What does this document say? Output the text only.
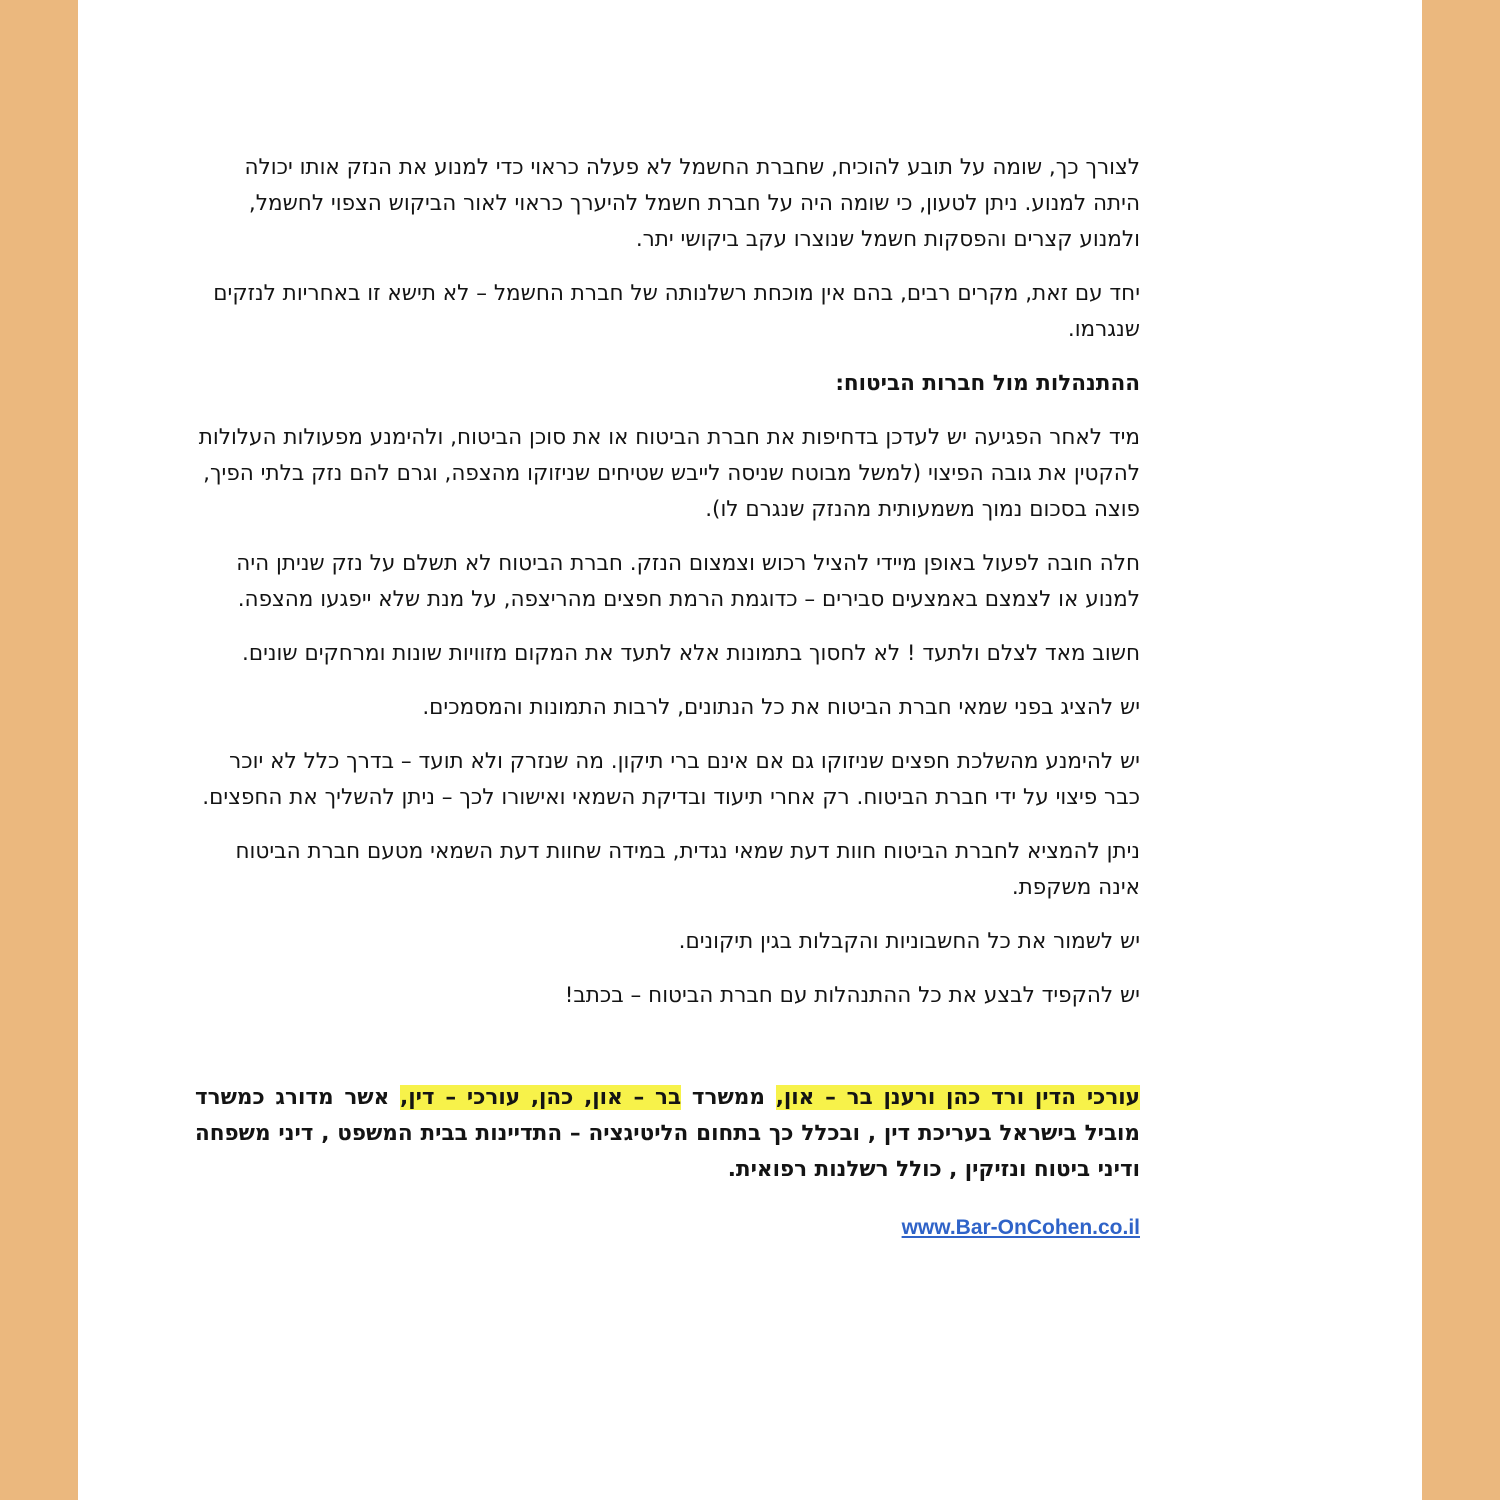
לצורך כך, שומה על תובע להוכיח, שחברת החשמל לא פעלה כראוי כדי למנוע את הנזק אותו יכולה היתה למנוע. ניתן לטעון, כי שומה היה על חברת חשמל להיערך כראוי לאור הביקוש הצפוי לחשמל, ולמנוע קצרים והפסקות חשמל שנוצרו עקב ביקושי יתר.

יחד עם זאת, מקרים רבים, בהם אין מוכחת רשלנותה של חברת החשמל – לא תישא זו באחריות לנזקים שנגרמו.

ההתנהלות מול חברות הביטוח:

מיד לאחר הפגיעה יש לעדכן בדחיפות את חברת הביטוח או את סוכן הביטוח, ולהימנע מפעולות העלולות להקטין את גובה הפיצוי (למשל מבוטח שניסה לייבש שטיחים שניזוקו מהצפה, וגרם להם נזק בלתי הפיך, פוצה בסכום נמוך משמעותית מהנזק שנגרם לו).

חלה חובה לפעול באופן מיידי להציל רכוש וצמצום הנזק. חברת הביטוח לא תשלם על נזק שניתן היה למנוע או לצמצם באמצעים סבירים – כדוגמת הרמת חפצים מהריצפה, על מנת שלא ייפגעו מהצפה.

חשוב מאד לצלם ולתעד ! לא לחסוך בתמונות אלא לתעד את המקום מזוויות שונות ומרחקים שונים.

יש להציג בפני שמאי חברת הביטוח את כל הנתונים, לרבות התמונות והמסמכים.

יש להימנע מהשלכת חפצים שניזוקו גם אם אינם ברי תיקון. מה שנזרק ולא תועד – בדרך כלל לא יוכר כבר פיצוי על ידי חברת הביטוח. רק אחרי תיעוד ובדיקת השמאי ואישורו לכך – ניתן להשליך את החפצים.

ניתן להמציא לחברת הביטוח חוות דעת שמאי נגדית, במידה שחוות דעת השמאי מטעם חברת הביטוח אינה משקפת.

יש לשמור את כל החשבוניות והקבלות בגין תיקונים.

יש להקפיד לבצע את כל ההתנהלות עם חברת הביטוח – בכתב!

עורכי הדין ורד כהן ורענן בר – און, ממשרד בר – און, כהן, עורכי – דין, אשר מדורג כמשרד מוביל בישראל בעריכת דין , ובכלל כך בתחום הליטיגציה – התדיינות בבית המשפט , דיני משפחה ודיני ביטוח ונזיקין , כולל רשלנות רפואית.

www.Bar-OnCohen.co.il
